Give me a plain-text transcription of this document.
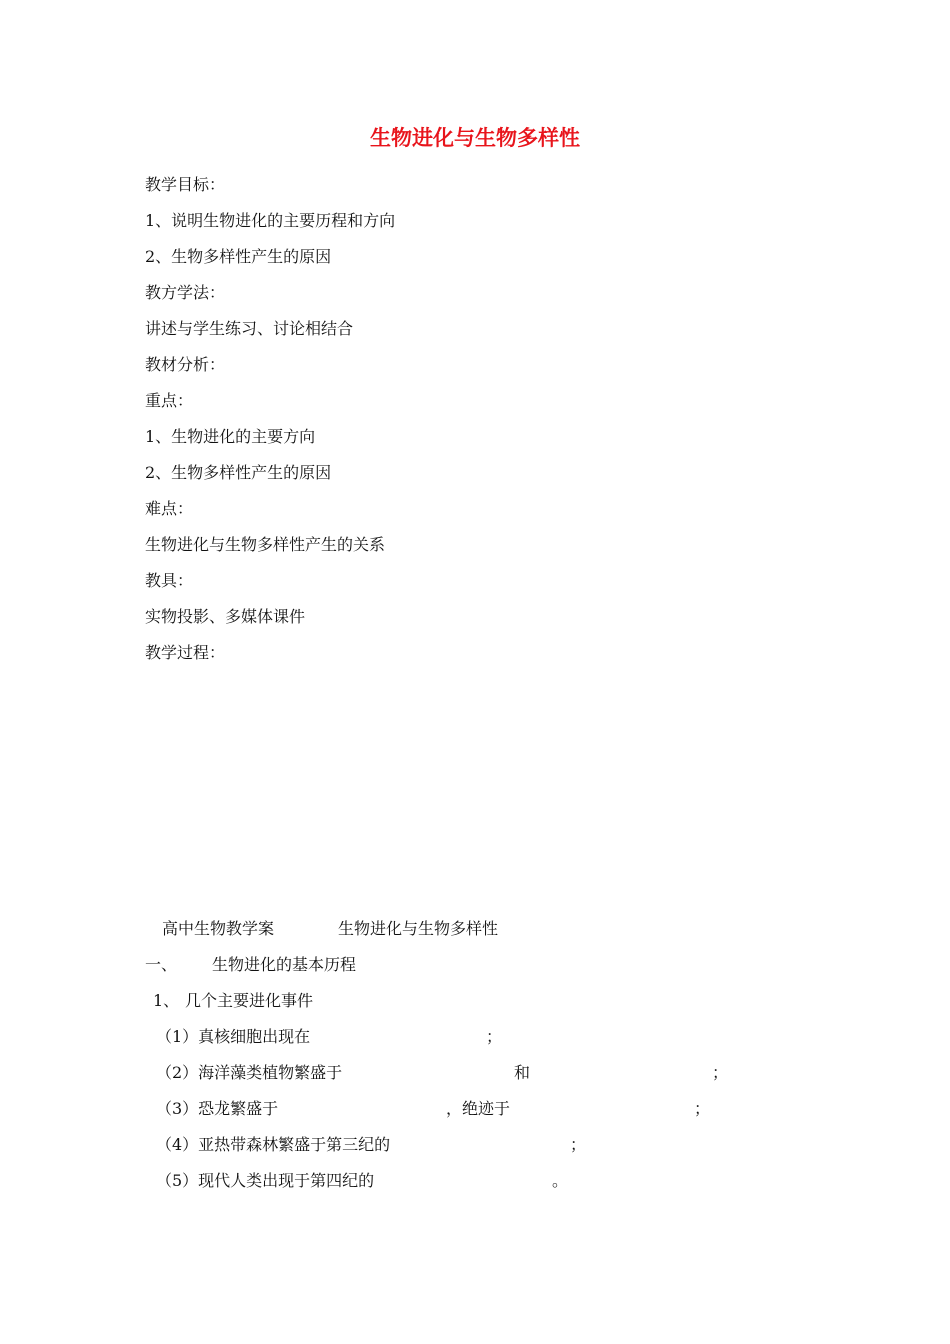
生物进化与生物多样性
教学目标：
1、说明生物进化的主要历程和方向
2、生物多样性产生的原因
教方学法：
讲述与学生练习、讨论相结合
教材分析：
重点：
1、生物进化的主要方向
2、生物多样性产生的原因
难点：
生物进化与生物多样性产生的关系
教具：
实物投影、多媒体课件
教学过程：
高中生物教学案	生物进化与生物多样性
一、 生物进化的基本历程
1、 几个主要进化事件
（1）真核细胞出现在	；
（2）海洋藻类植物繁盛于	和	；
（3）恐龙繁盛于	，绝迹于	；
（4）亚热带森林繁盛于第三纪的	；
（5）现代人类出现于第四纪的	。
